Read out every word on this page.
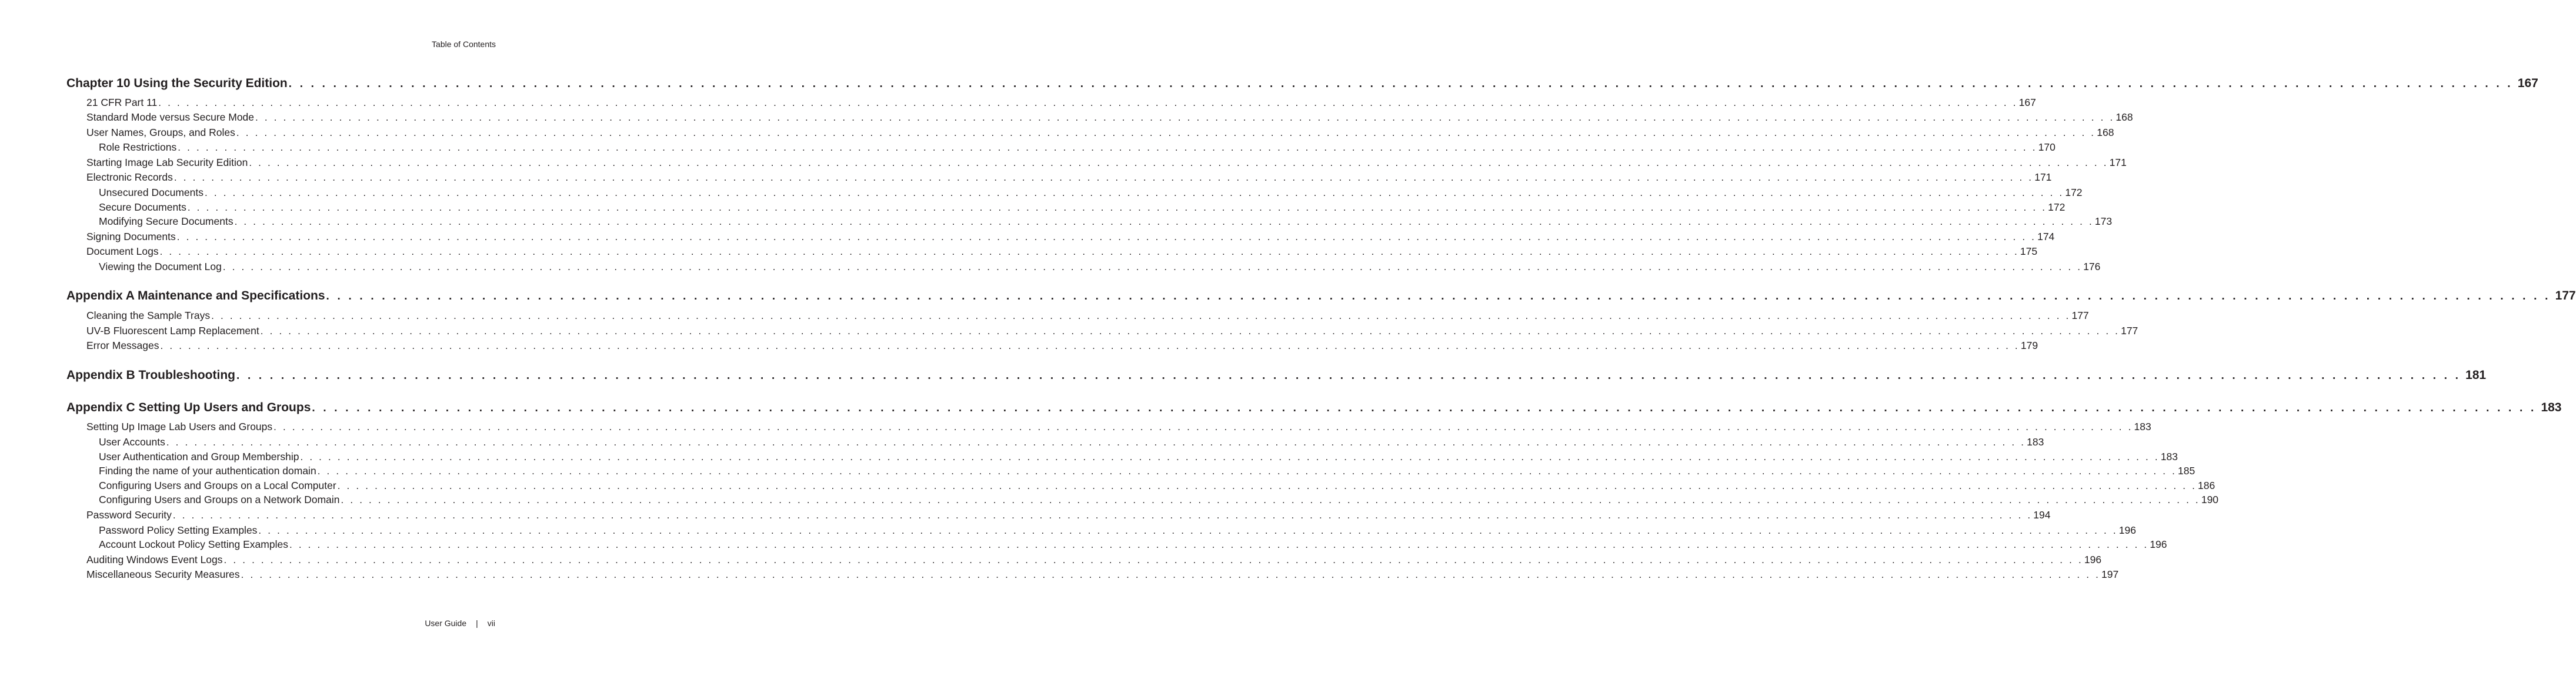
Table of Contents
Chapter 10 Using the Security Edition . . . . . . . . . . . . . . . . . . . . . . . . . . . . . . . . . . . . . . . . . . . . . . . . . . . . . . . . . . . . . . . . . . . . . . . . . . . . . . . . . . . . . . . . . . . . . . . . . . . . . . . . . . . . . . . . . . . . . . . . . . . . . . . . . . . . . . . . . . . . . . . . . . . . . . . . . . . . . . . . . . . . . . . . . . . . . . . . . . . . . . . . . . . . . . . . . . . . . . . . 167
21 CFR Part 11 . . . . . . . . . . . . . . . . . . . . . . . . . . . . . . . . . . . . . . . . . . . . . . . . . . . . . . . . . . . . . . . . . . . . . . . . . . . . . . . . . . . . . . . . . . . . . . . . . . . . . . . . . . . . . . . . . . . . . . . . . . . . . . . . . . . . . . . . . . . . . . . . . . . . . . . . . . . . . . . . . . . . . . . . . . . . . . . . . . . . . . . . . . . . . . . . . . . . . . . . 167
Standard Mode versus Secure Mode . . . . . . . . . . . . . . . . . . . . . . . . . . . . . . . . . . . . . . . . . . . . . . . . . . . . . . . . . . . . . . . . . . . . . . . . . . . . . . . . . . . . . . . . . . . . . . . . . . . . . . . . . . . . . . . . . . . . . . . . . . . . . . . . . . . . . . . . . . . . . . . . . . . . . . . . . . . . . . . . . . . . . . . . . . . . . . . . . . . . . . . . . . . . . . . . . . . . . . . . 168
User Names, Groups, and Roles . . . . . . . . . . . . . . . . . . . . . . . . . . . . . . . . . . . . . . . . . . . . . . . . . . . . . . . . . . . . . . . . . . . . . . . . . . . . . . . . . . . . . . . . . . . . . . . . . . . . . . . . . . . . . . . . . . . . . . . . . . . . . . . . . . . . . . . . . . . . . . . . . . . . . . . . . . . . . . . . . . . . . . . . . . . . . . . . . . . . . . . . . . . . . . . . . . . . . . . . 168
Role Restrictions . . . . . . . . . . . . . . . . . . . . . . . . . . . . . . . . . . . . . . . . . . . . . . . . . . . . . . . . . . . . . . . . . . . . . . . . . . . . . . . . . . . . . . . . . . . . . . . . . . . . . . . . . . . . . . . . . . . . . . . . . . . . . . . . . . . . . . . . . . . . . . . . . . . . . . . . . . . . . . . . . . . . . . . . . . . . . . . . . . . . . . . . . . . . . . . . . . . . . . . . 170
Starting Image Lab Security Edition . . . . . . . . . . . . . . . . . . . . . . . . . . . . . . . . . . . . . . . . . . . . . . . . . . . . . . . . . . . . . . . . . . . . . . . . . . . . . . . . . . . . . . . . . . . . . . . . . . . . . . . . . . . . . . . . . . . . . . . . . . . . . . . . . . . . . . . . . . . . . . . . . . . . . . . . . . . . . . . . . . . . . . . . . . . . . . . . . . . . . . . . . . . . . . . . . . . . . . . . 171
Electronic Records . . . . . . . . . . . . . . . . . . . . . . . . . . . . . . . . . . . . . . . . . . . . . . . . . . . . . . . . . . . . . . . . . . . . . . . . . . . . . . . . . . . . . . . . . . . . . . . . . . . . . . . . . . . . . . . . . . . . . . . . . . . . . . . . . . . . . . . . . . . . . . . . . . . . . . . . . . . . . . . . . . . . . . . . . . . . . . . . . . . . . . . . . . . . . . . . . . . . . . . . 171
Unsecured Documents . . . . . . . . . . . . . . . . . . . . . . . . . . . . . . . . . . . . . . . . . . . . . . . . . . . . . . . . . . . . . . . . . . . . . . . . . . . . . . . . . . . . . . . . . . . . . . . . . . . . . . . . . . . . . . . . . . . . . . . . . . . . . . . . . . . . . . . . . . . . . . . . . . . . . . . . . . . . . . . . . . . . . . . . . . . . . . . . . . . . . . . . . . . . . . . . . . . . . . . . 172
Secure Documents . . . . . . . . . . . . . . . . . . . . . . . . . . . . . . . . . . . . . . . . . . . . . . . . . . . . . . . . . . . . . . . . . . . . . . . . . . . . . . . . . . . . . . . . . . . . . . . . . . . . . . . . . . . . . . . . . . . . . . . . . . . . . . . . . . . . . . . . . . . . . . . . . . . . . . . . . . . . . . . . . . . . . . . . . . . . . . . . . . . . . . . . . . . . . . . . . . . . . . . . 172
Modifying Secure Documents . . . . . . . . . . . . . . . . . . . . . . . . . . . . . . . . . . . . . . . . . . . . . . . . . . . . . . . . . . . . . . . . . . . . . . . . . . . . . . . . . . . . . . . . . . . . . . . . . . . . . . . . . . . . . . . . . . . . . . . . . . . . . . . . . . . . . . . . . . . . . . . . . . . . . . . . . . . . . . . . . . . . . . . . . . . . . . . . . . . . . . . . . . . . . . . . . . . . . . . . 173
Signing Documents . . . . . . . . . . . . . . . . . . . . . . . . . . . . . . . . . . . . . . . . . . . . . . . . . . . . . . . . . . . . . . . . . . . . . . . . . . . . . . . . . . . . . . . . . . . . . . . . . . . . . . . . . . . . . . . . . . . . . . . . . . . . . . . . . . . . . . . . . . . . . . . . . . . . . . . . . . . . . . . . . . . . . . . . . . . . . . . . . . . . . . . . . . . . . . . . . . . . . . . . 174
Document Logs . . . . . . . . . . . . . . . . . . . . . . . . . . . . . . . . . . . . . . . . . . . . . . . . . . . . . . . . . . . . . . . . . . . . . . . . . . . . . . . . . . . . . . . . . . . . . . . . . . . . . . . . . . . . . . . . . . . . . . . . . . . . . . . . . . . . . . . . . . . . . . . . . . . . . . . . . . . . . . . . . . . . . . . . . . . . . . . . . . . . . . . . . . . . . . . . . . . . . . . . 175
Viewing the Document Log . . . . . . . . . . . . . . . . . . . . . . . . . . . . . . . . . . . . . . . . . . . . . . . . . . . . . . . . . . . . . . . . . . . . . . . . . . . . . . . . . . . . . . . . . . . . . . . . . . . . . . . . . . . . . . . . . . . . . . . . . . . . . . . . . . . . . . . . . . . . . . . . . . . . . . . . . . . . . . . . . . . . . . . . . . . . . . . . . . . . . . . . . . . . . . . . . . . . . . . . 176
Appendix A Maintenance and Specifications . . . . . . . . . . . . . . . . . . . . . . . . . . . . . . . . . . . . . . . . . . . . . . . . . . . . . . . . . . . . . . . . . . . . . . . . . . . . . . . . . . . . . . . . . . . . . . . . . . . . . . . . . . . . . . . . . . . . . . . . . . . . . . . . . . . . . . . . . . . . . . . . . . . . . . . . . . . . . . . . . . . . . . . . . . . . . . . . . . . . . . . . . . . . . . . . . . . . . . . . 177
Cleaning the Sample Trays . . . . . . . . . . . . . . . . . . . . . . . . . . . . . . . . . . . . . . . . . . . . . . . . . . . . . . . . . . . . . . . . . . . . . . . . . . . . . . . . . . . . . . . . . . . . . . . . . . . . . . . . . . . . . . . . . . . . . . . . . . . . . . . . . . . . . . . . . . . . . . . . . . . . . . . . . . . . . . . . . . . . . . . . . . . . . . . . . . . . . . . . . . . . . . . . . . . . . . . . 177
UV-B Fluorescent Lamp Replacement . . . . . . . . . . . . . . . . . . . . . . . . . . . . . . . . . . . . . . . . . . . . . . . . . . . . . . . . . . . . . . . . . . . . . . . . . . . . . . . . . . . . . . . . . . . . . . . . . . . . . . . . . . . . . . . . . . . . . . . . . . . . . . . . . . . . . . . . . . . . . . . . . . . . . . . . . . . . . . . . . . . . . . . . . . . . . . . . . . . . . . . . . . . . . . . . . . . . . . . . 177
Error Messages . . . . . . . . . . . . . . . . . . . . . . . . . . . . . . . . . . . . . . . . . . . . . . . . . . . . . . . . . . . . . . . . . . . . . . . . . . . . . . . . . . . . . . . . . . . . . . . . . . . . . . . . . . . . . . . . . . . . . . . . . . . . . . . . . . . . . . . . . . . . . . . . . . . . . . . . . . . . . . . . . . . . . . . . . . . . . . . . . . . . . . . . . . . . . . . . . . . . . . . . 179
Appendix B Troubleshooting . . . . . . . . . . . . . . . . . . . . . . . . . . . . . . . . . . . . . . . . . . . . . . . . . . . . . . . . . . . . . . . . . . . . . . . . . . . . . . . . . . . . . . . . . . . . . . . . . . . . . . . . . . . . . . . . . . . . . . . . . . . . . . . . . . . . . . . . . . . . . . . . . . . . . . . . . . . . . . . . . . . . . . . . . . . . . . . . . . . . . . . . . . . . . . . . . . . . . . . . 181
Appendix C Setting Up Users and Groups . . . . . . . . . . . . . . . . . . . . . . . . . . . . . . . . . . . . . . . . . . . . . . . . . . . . . . . . . . . . . . . . . . . . . . . . . . . . . . . . . . . . . . . . . . . . . . . . . . . . . . . . . . . . . . . . . . . . . . . . . . . . . . . . . . . . . . . . . . . . . . . . . . . . . . . . . . . . . . . . . . . . . . . . . . . . . . . . . . . . . . . . . . . . . . . . . . . . . . . . 183
Setting Up Image Lab Users and Groups . . . . . . . . . . . . . . . . . . . . . . . . . . . . . . . . . . . . . . . . . . . . . . . . . . . . . . . . . . . . . . . . . . . . . . . . . . . . . . . . . . . . . . . . . . . . . . . . . . . . . . . . . . . . . . . . . . . . . . . . . . . . . . . . . . . . . . . . . . . . . . . . . . . . . . . . . . . . . . . . . . . . . . . . . . . . . . . . . . . . . . . . . . . . . . . . . . . . . . . . 183
User Accounts . . . . . . . . . . . . . . . . . . . . . . . . . . . . . . . . . . . . . . . . . . . . . . . . . . . . . . . . . . . . . . . . . . . . . . . . . . . . . . . . . . . . . . . . . . . . . . . . . . . . . . . . . . . . . . . . . . . . . . . . . . . . . . . . . . . . . . . . . . . . . . . . . . . . . . . . . . . . . . . . . . . . . . . . . . . . . . . . . . . . . . . . . . . . . . . . . . . . . . . . 183
User Authentication and Group Membership . . . . . . . . . . . . . . . . . . . . . . . . . . . . . . . . . . . . . . . . . . . . . . . . . . . . . . . . . . . . . . . . . . . . . . . . . . . . . . . . . . . . . . . . . . . . . . . . . . . . . . . . . . . . . . . . . . . . . . . . . . . . . . . . . . . . . . . . . . . . . . . . . . . . . . . . . . . . . . . . . . . . . . . . . . . . . . . . . . . . . . . . . . . . . . . . . . . . . . . . 183
Finding the name of your authentication domain . . . . . . . . . . . . . . . . . . . . . . . . . . . . . . . . . . . . . . . . . . . . . . . . . . . . . . . . . . . . . . . . . . . . . . . . . . . . . . . . . . . . . . . . . . . . . . . . . . . . . . . . . . . . . . . . . . . . . . . . . . . . . . . . . . . . . . . . . . . . . . . . . . . . . . . . . . . . . . . . . . . . . . . . . . . . . . . . . . . . . . . . . . . . . . . . . . . . . . . . 185
Configuring Users and Groups on a Local Computer . . . . . . . . . . . . . . . . . . . . . . . . . . . . . . . . . . . . . . . . . . . . . . . . . . . . . . . . . . . . . . . . . . . . . . . . . . . . . . . . . . . . . . . . . . . . . . . . . . . . . . . . . . . . . . . . . . . . . . . . . . . . . . . . . . . . . . . . . . . . . . . . . . . . . . . . . . . . . . . . . . . . . . . . . . . . . . . . . . . . . . . . . . . . . . . . . . . . . . . . 186
Configuring Users and Groups on a Network Domain . . . . . . . . . . . . . . . . . . . . . . . . . . . . . . . . . . . . . . . . . . . . . . . . . . . . . . . . . . . . . . . . . . . . . . . . . . . . . . . . . . . . . . . . . . . . . . . . . . . . . . . . . . . . . . . . . . . . . . . . . . . . . . . . . . . . . . . . . . . . . . . . . . . . . . . . . . . . . . . . . . . . . . . . . . . . . . . . . . . . . . . . . . . . . . . . . . . . . . . . 190
Password Security . . . . . . . . . . . . . . . . . . . . . . . . . . . . . . . . . . . . . . . . . . . . . . . . . . . . . . . . . . . . . . . . . . . . . . . . . . . . . . . . . . . . . . . . . . . . . . . . . . . . . . . . . . . . . . . . . . . . . . . . . . . . . . . . . . . . . . . . . . . . . . . . . . . . . . . . . . . . . . . . . . . . . . . . . . . . . . . . . . . . . . . . . . . . . . . . . . . . . . . . 194
Password Policy Setting Examples . . . . . . . . . . . . . . . . . . . . . . . . . . . . . . . . . . . . . . . . . . . . . . . . . . . . . . . . . . . . . . . . . . . . . . . . . . . . . . . . . . . . . . . . . . . . . . . . . . . . . . . . . . . . . . . . . . . . . . . . . . . . . . . . . . . . . . . . . . . . . . . . . . . . . . . . . . . . . . . . . . . . . . . . . . . . . . . . . . . . . . . . . . . . . . . . . . . . . . . . 196
Account Lockout Policy Setting Examples . . . . . . . . . . . . . . . . . . . . . . . . . . . . . . . . . . . . . . . . . . . . . . . . . . . . . . . . . . . . . . . . . . . . . . . . . . . . . . . . . . . . . . . . . . . . . . . . . . . . . . . . . . . . . . . . . . . . . . . . . . . . . . . . . . . . . . . . . . . . . . . . . . . . . . . . . . . . . . . . . . . . . . . . . . . . . . . . . . . . . . . . . . . . . . . . . . . . . . . . 196
Auditing Windows Event Logs . . . . . . . . . . . . . . . . . . . . . . . . . . . . . . . . . . . . . . . . . . . . . . . . . . . . . . . . . . . . . . . . . . . . . . . . . . . . . . . . . . . . . . . . . . . . . . . . . . . . . . . . . . . . . . . . . . . . . . . . . . . . . . . . . . . . . . . . . . . . . . . . . . . . . . . . . . . . . . . . . . . . . . . . . . . . . . . . . . . . . . . . . . . . . . . . . . . . . . . . 196
Miscellaneous Security Measures . . . . . . . . . . . . . . . . . . . . . . . . . . . . . . . . . . . . . . . . . . . . . . . . . . . . . . . . . . . . . . . . . . . . . . . . . . . . . . . . . . . . . . . . . . . . . . . . . . . . . . . . . . . . . . . . . . . . . . . . . . . . . . . . . . . . . . . . . . . . . . . . . . . . . . . . . . . . . . . . . . . . . . . . . . . . . . . . . . . . . . . . . . . . . . . . . . . . . . . . 197
User Guide | vii
